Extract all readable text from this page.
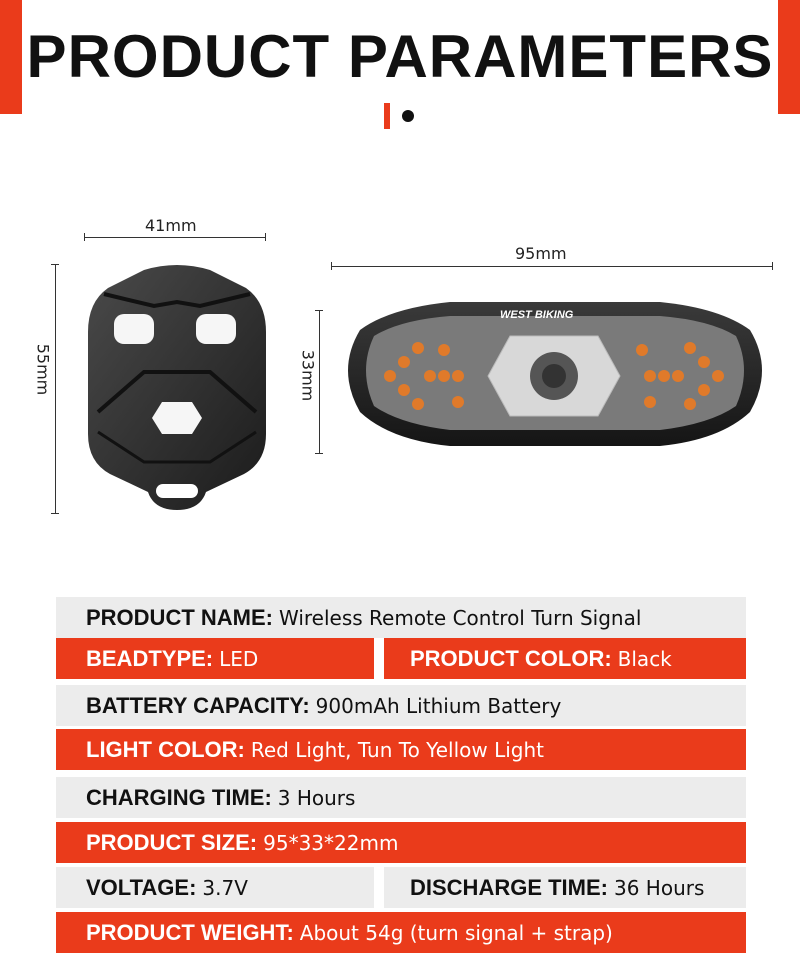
PRODUCT PARAMETERS
41mm
55mm
95mm
33mm
WEST BIKING
PRODUCT NAME: Wireless Remote Control Turn Signal
BEADTYPE: LED	PRODUCT COLOR: Black
BATTERY CAPACITY: 900mAh Lithium Battery
LIGHT COLOR: Red Light, Tun To Yellow Light
CHARGING TIME: 3 Hours
PRODUCT SIZE: 95*33*22mm
VOLTAGE: 3.7V	DISCHARGE TIME: 36 Hours
PRODUCT WEIGHT: About 54g (turn signal + strap)
